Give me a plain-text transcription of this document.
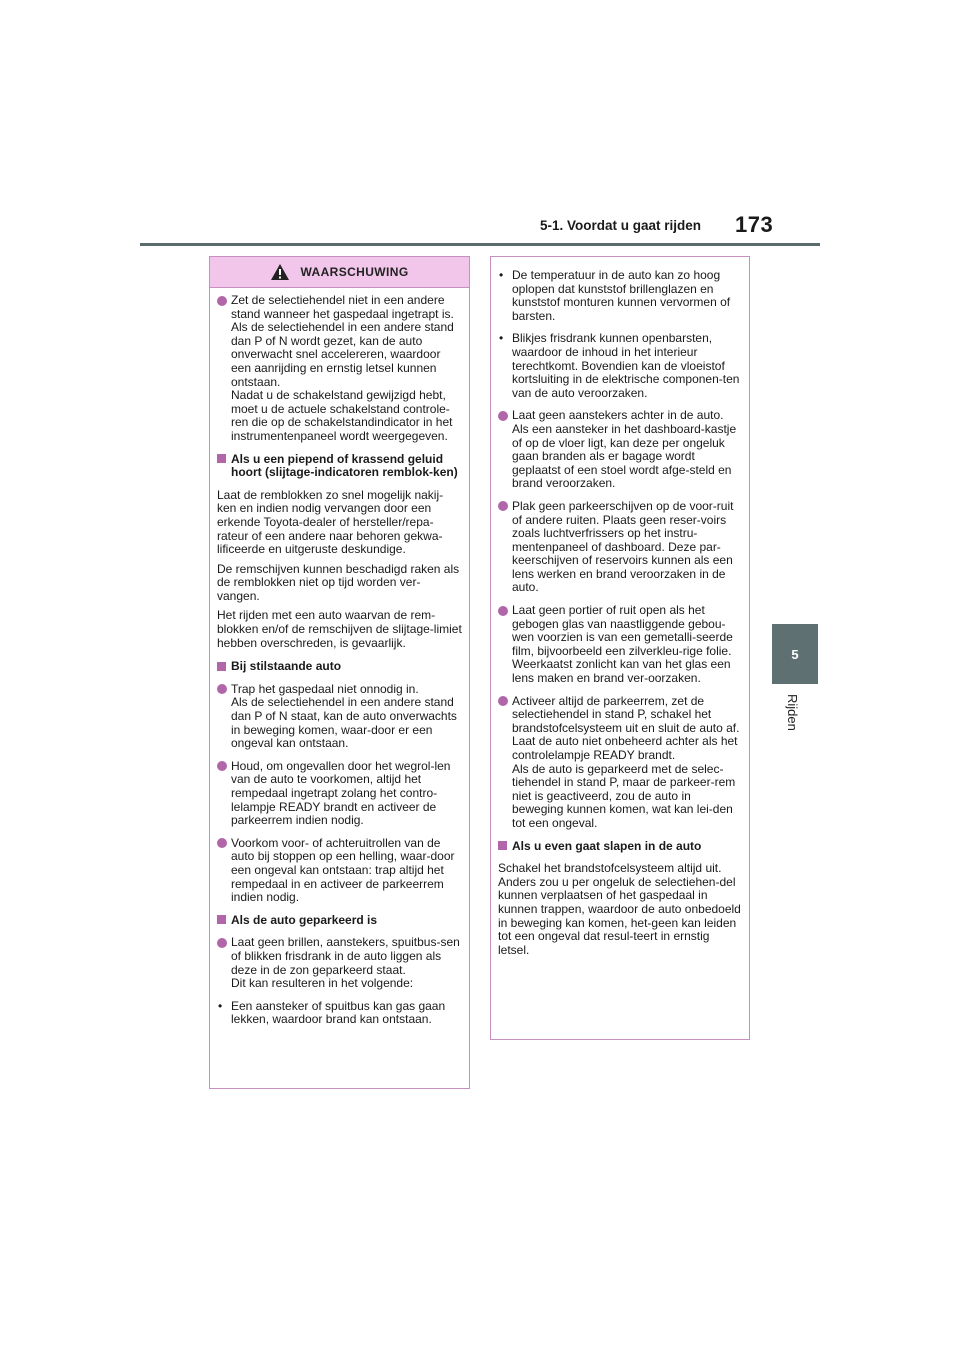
5-1. Voordat u gaat rijden	173
5
Rijden
WAARSCHUWING
Zet de selectiehendel niet in een andere stand wanneer het gaspedaal ingetrapt is. Als de selectiehendel in een andere stand dan P of N wordt gezet, kan de auto onverwacht snel accelereren, waardoor een aanrijding en ernstig letsel kunnen ontstaan.
Nadat u de schakelstand gewijzigd hebt, moet u de actuele schakelstand controle-ren die op de schakelstandindicator in het instrumentenpaneel wordt weergegeven.
Als u een piepend of krassend geluid hoort (slijtage-indicatoren remblok-ken)

Laat de remblokken zo snel mogelijk nakij-ken en indien nodig vervangen door een erkende Toyota-dealer of hersteller/repa-rateur of een andere naar behoren gekwa-lificeerde en uitgeruste deskundige.

De remschijven kunnen beschadigd raken als de remblokken niet op tijd worden ver-vangen.

Het rijden met een auto waarvan de rem-blokken en/of de remschijven de slijtage-limiet hebben overschreden, is gevaarlijk.

Bij stilstaande auto
Trap het gaspedaal niet onnodig in.
Als de selectiehendel in een andere stand dan P of N staat, kan de auto onverwachts in beweging komen, waar-door er een ongeval kan ontstaan.
Houd, om ongevallen door het wegrol-len van de auto te voorkomen, altijd het rempedaal ingetrapt zolang het contro-lelampje READY brandt en activeer de parkeerrem indien nodig.
Voorkom voor- of achteruitrollen van de auto bij stoppen op een helling, waar-door een ongeval kan ontstaan: trap altijd het rempedaal in en activeer de parkeerrem indien nodig.
Als de auto geparkeerd is
Laat geen brillen, aanstekers, spuitbus-sen of blikken frisdrank in de auto liggen als deze in de zon geparkeerd staat.
Dit kan resulteren in het volgende:
• Een aansteker of spuitbus kan gas gaan lekken, waardoor brand kan ontstaan.
• De temperatuur in de auto kan zo hoog oplopen dat kunststof brillenglazen en kunststof monturen kunnen vervormen of barsten.
• Blikjes frisdrank kunnen openbarsten, waardoor de inhoud in het interieur terechtkomt. Bovendien kan de vloeistof kortsluiting in de elektrische componen-ten van de auto veroorzaken.
Laat geen aanstekers achter in de auto. Als een aansteker in het dashboard-kastje of op de vloer ligt, kan deze per ongeluk gaan branden als er bagage wordt geplaatst of een stoel wordt afge-steld en brand veroorzaken.
Plak geen parkeerschijven op de voor-ruit of andere ruiten. Plaats geen reser-voirs zoals luchtverfrissers op het instru-mentenpaneel of dashboard. Deze par-keerschijven of reservoirs kunnen als een lens werken en brand veroorzaken in de auto.
Laat geen portier of ruit open als het gebogen glas van naastliggende gebou-wen voorzien is van een gemetalli-seerde film, bijvoorbeeld een zilverkleu-rige folie. Weerkaatst zonlicht kan van het glas een lens maken en brand ver-oorzaken.
Activeer altijd de parkeerrem, zet de selectiehendel in stand P, schakel het brandstofcelsysteem uit en sluit de auto af.
Laat de auto niet onbeheerd achter als het controlelampje READY brandt.
Als de auto is geparkeerd met de selec-tiehendel in stand P, maar de parkeer-rem niet is geactiveerd, zou de auto in beweging kunnen komen, wat kan lei-den tot een ongeval.
Als u even gaat slapen in de auto

Schakel het brandstofcelsysteem altijd uit. Anders zou u per ongeluk de selectiehen-del kunnen verplaatsen of het gaspedaal in kunnen trappen, waardoor de auto onbedoeld in beweging kan komen, het-geen kan leiden tot een ongeval dat resul-teert in ernstig letsel.
